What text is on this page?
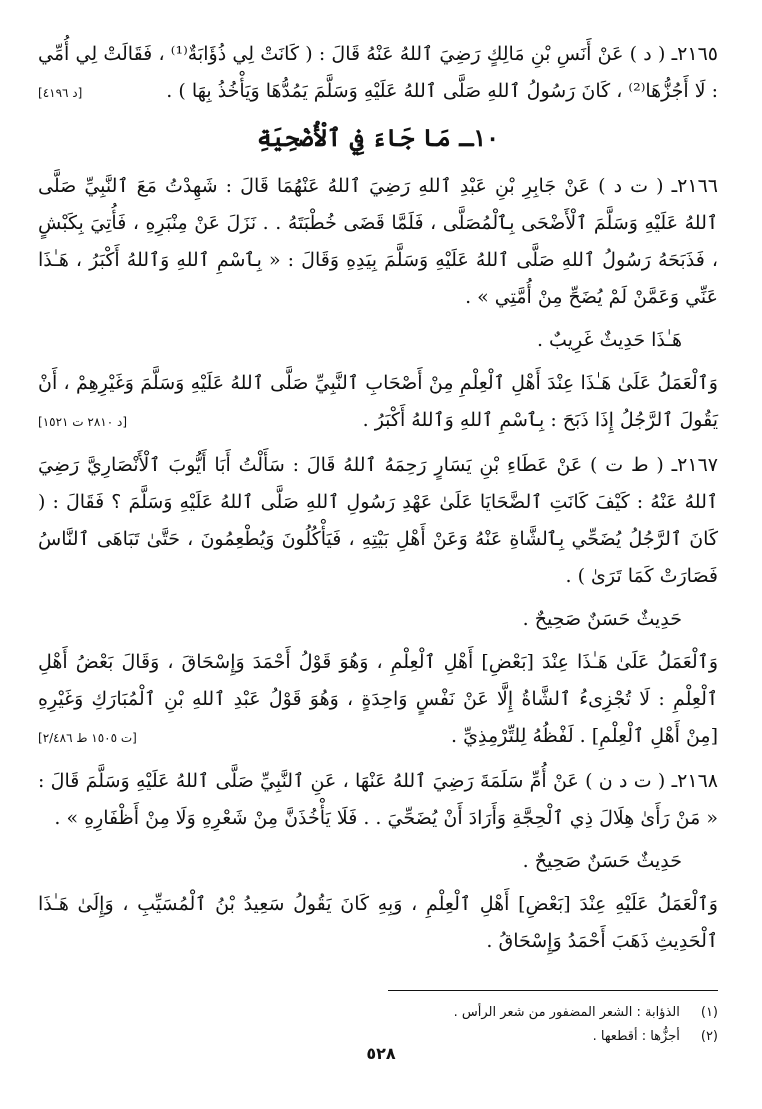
٢١٦٥ـ ( د ) عَنْ أَنَسِ بْنِ مَالِكٍ رَضِيَ ٱللهُ عَنْهُ قَالَ : ( كَانَتْ لِي ذُؤَابَةٌ⁽¹⁾ ، فَقَالَتْ لِي أُمِّي : لَا أَجُزُّهَا⁽²⁾ ، كَانَ رَسُولُ ٱللهِ صَلَّى ٱللهُ عَلَيْهِ وَسَلَّمَ يَمُدُّهَا وَيَأْخُذُ بِهَا ) .

[د ٤١٩٦]
١٠ـ مَا جَاءَ فِي ٱلْأُضْحِيَةِ

٢١٦٦ـ ( ت د ) عَنْ جَابِرِ بْنِ عَبْدِ ٱللهِ رَضِيَ ٱللهُ عَنْهُمَا قَالَ : شَهِدْتُ مَعَ ٱلنَّبِيِّ صَلَّى ٱللهُ عَلَيْهِ وَسَلَّمَ ٱلْأَضْحَى بِٱلْمُصَلَّى ، فَلَمَّا قَضَى خُطْبَتَهُ . . نَزَلَ عَنْ مِنْبَرِهِ ، فَأُتِيَ بِكَبْشٍ ، فَذَبَحَهُ رَسُولُ ٱللهِ صَلَّى ٱللهُ عَلَيْهِ وَسَلَّمَ بِيَدِهِ وَقَالَ : « بِٱسْمِ ٱللهِ وَٱللهُ أَكْبَرُ ، هَـٰذَا عَنِّي وَعَمَّنْ لَمْ يُضَحِّ مِنْ أُمَّتِي » .

هَـٰذَا حَدِيثٌ غَرِيبٌ .

وَٱلْعَمَلُ عَلَىٰ هَـٰذَا عِنْدَ أَهْلِ ٱلْعِلْمِ مِنْ أَصْحَابِ ٱلنَّبِيِّ صَلَّى ٱللهُ عَلَيْهِ وَسَلَّمَ وَغَيْرِهِمْ ، أَنْ يَقُولَ ٱلرَّجُلُ إِذَا ذَبَحَ : بِٱسْمِ ٱللهِ وَٱللهُ أَكْبَرُ .

[د ٢٨١٠ ت ١٥٢١]

٢١٦٧ـ ( ط ت ) عَنْ عَطَاءِ بْنِ يَسَارٍ رَحِمَهُ ٱللهُ قَالَ : سَأَلْتُ أَبَا أَيُّوبَ ٱلْأَنْصَارِيَّ رَضِيَ ٱللهُ عَنْهُ : كَيْفَ كَانَتِ ٱلضَّحَايَا عَلَىٰ عَهْدِ رَسُولِ ٱللهِ صَلَّى ٱللهُ عَلَيْهِ وَسَلَّمَ ؟ فَقَالَ : ( كَانَ ٱلرَّجُلُ يُضَحِّي بِٱلشَّاةِ عَنْهُ وَعَنْ أَهْلِ بَيْتِهِ ، فَيَأْكُلُونَ وَيُطْعِمُونَ ، حَتَّىٰ تَبَاهَى ٱلنَّاسُ فَصَارَتْ كَمَا تَرَىٰ ) .

حَدِيثٌ حَسَنٌ صَحِيحٌ .

وَٱلْعَمَلُ عَلَىٰ هَـٰذَا عِنْدَ [بَعْضِ] أَهْلِ ٱلْعِلْمِ ، وَهُوَ قَوْلُ أَحْمَدَ وَإِسْحَاقَ ، وَقَالَ بَعْضُ أَهْلِ ٱلْعِلْمِ : لَا تُجْزِىءُ ٱلشَّاةُ إِلَّا عَنْ نَفْسٍ وَاحِدَةٍ ، وَهُوَ قَوْلُ عَبْدِ ٱللهِ بْنِ ٱلْمُبَارَكِ وَغَيْرِهِ [مِنْ أَهْلِ ٱلْعِلْمِ] . لَفْظُهُ لِلتِّرْمِذِيِّ .

[ت ١٥٠٥ ط ٢/٤٨٦]

٢١٦٨ـ ( ت د ن ) عَنْ أُمِّ سَلَمَةَ رَضِيَ ٱللهُ عَنْهَا ، عَنِ ٱلنَّبِيِّ صَلَّى ٱللهُ عَلَيْهِ وَسَلَّمَ قَالَ : « مَنْ رَأَىٰ هِلَالَ ذِي ٱلْحِجَّةِ وَأَرَادَ أَنْ يُضَحِّيَ . . فَلَا يَأْخُذَنَّ مِنْ شَعْرِهِ وَلَا مِنْ أَظْفَارِهِ » .

حَدِيثٌ حَسَنٌ صَحِيحٌ .

وَٱلْعَمَلُ عَلَيْهِ عِنْدَ [بَعْضِ] أَهْلِ ٱلْعِلْمِ ، وَبِهِ كَانَ يَقُولُ سَعِيدُ بْنُ ٱلْمُسَيِّبِ ، وَإِلَىٰ هَـٰذَا ٱلْحَدِيثِ ذَهَبَ أَحْمَدُ وَإِسْحَاقُ .

(١) الذؤابة : الشعر المضفور من شعر الرأس .
(٢) أجزُّها : أقطعها .
٥٢٨
